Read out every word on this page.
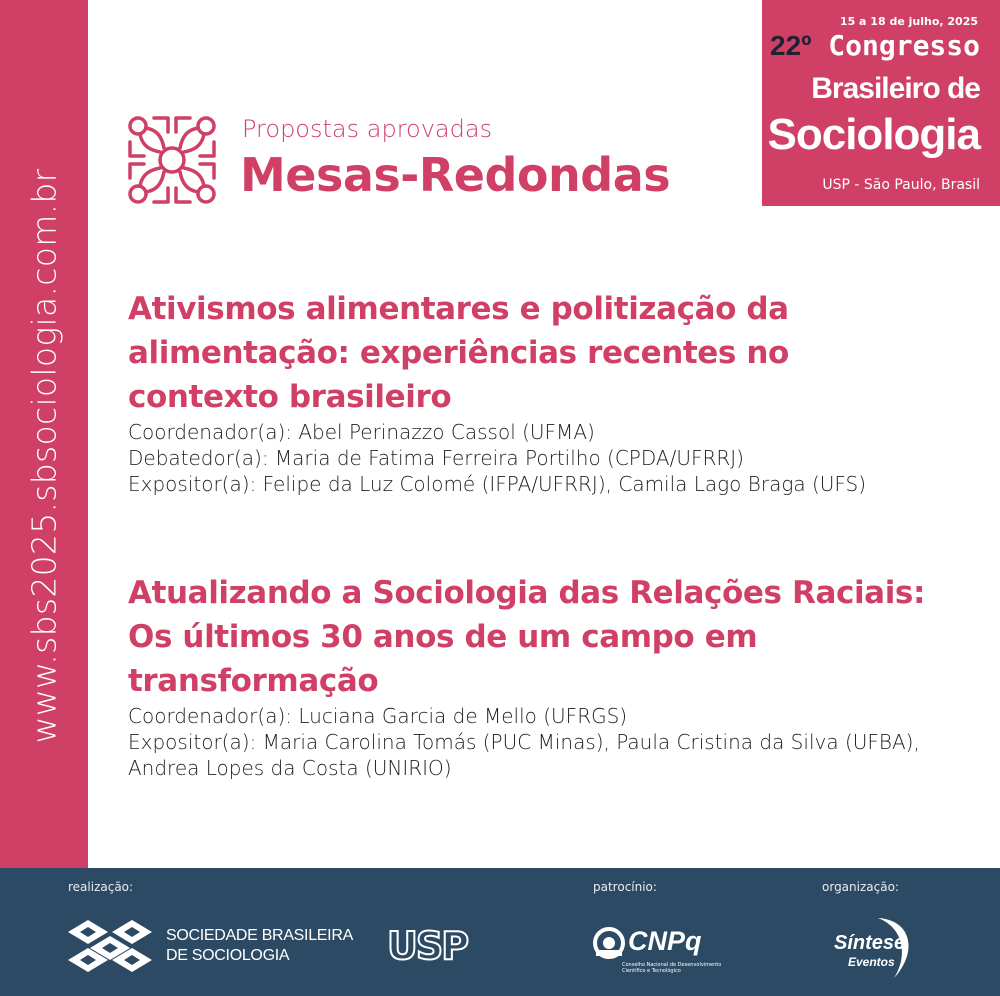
www.sbs2025.sbsociologia.com.br
15 a 18 de julho, 2025
22º Congresso
Brasileiro de
Sociologia
USP - São Paulo, Brasil
Propostas aprovadas
Mesas-Redondas
Ativismos alimentares e politização da alimentação: experiências recentes no contexto brasileiro
Coordenador(a): Abel Perinazzo Cassol (UFMA)
Debatedor(a): Maria de Fatima Ferreira Portilho (CPDA/UFRRJ)
Expositor(a): Felipe da Luz Colomé (IFPA/UFRRJ), Camila Lago Braga (UFS)
Atualizando a Sociologia das Relações Raciais: Os últimos 30 anos de um campo em transformação
Coordenador(a): Luciana Garcia de Mello (UFRGS)
Expositor(a): Maria Carolina Tomás (PUC Minas), Paula Cristina da Silva (UFBA), Andrea Lopes da Costa (UNIRIO)
realização:	patrocínio:	organização:
SOCIEDADE BRASILEIRA
DE SOCIOLOGIA	USP	CNPq
Conselho Nacional de Desenvolvimento Científico e Tecnológico
Síntese
Eventos
